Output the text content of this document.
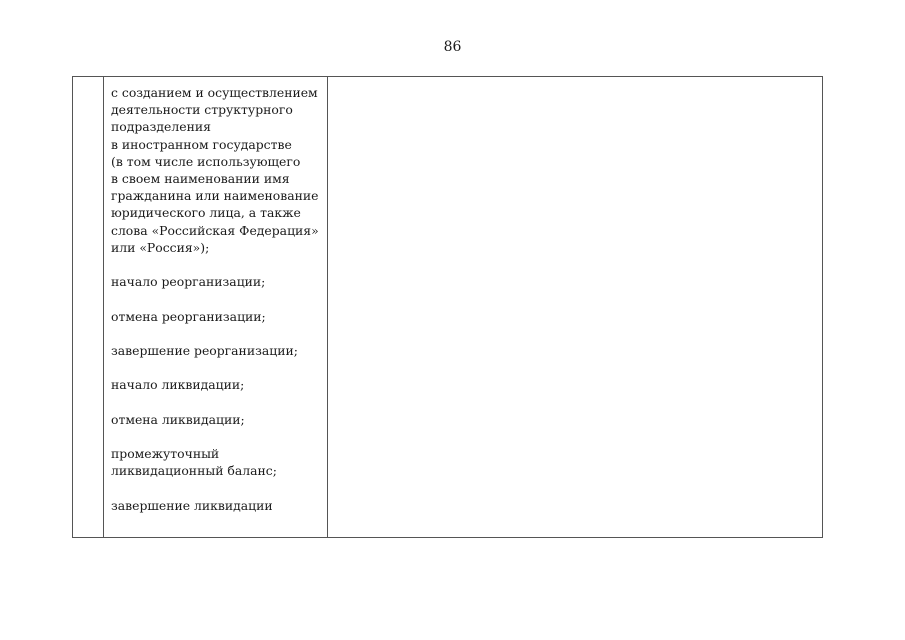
86

с созданием и осуществлением
деятельности структурного
подразделения
в иностранном государстве
(в том числе использующего
в своем наименовании имя
гражданина или наименование
юридического лица, а также
слова «Российская Федерация»
или «Россия»);

начало реорганизации;

отмена реорганизации;

завершение реорганизации;

начало ликвидации;

отмена ликвидации;

промежуточный
ликвидационный баланс;

завершение ликвидации
